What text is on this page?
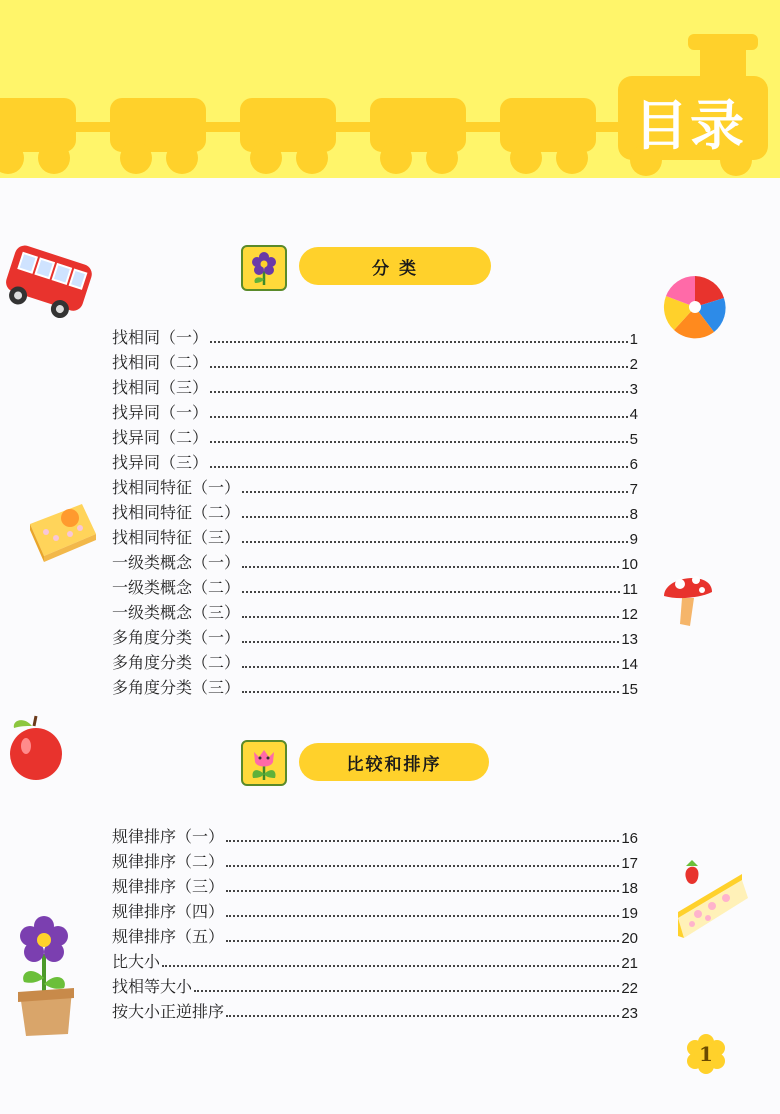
目录
分 类
找相同（一）	1
找相同（二）	2
找相同（三）	3
找异同（一）	4
找异同（二）	5
找异同（三）	6
找相同特征（一）	7
找相同特征（二）	8
找相同特征（三）	9
一级类概念（一）	10
一级类概念（二）	11
一级类概念（三）	12
多角度分类（一）	13
多角度分类（二）	14
多角度分类（三）	15
比较和排序
规律排序（一）	16
规律排序（二）	17
规律排序（三）	18
规律排序（四）	19
规律排序（五）	20
比大小	21
找相等大小	22
按大小正逆排序	23
1
